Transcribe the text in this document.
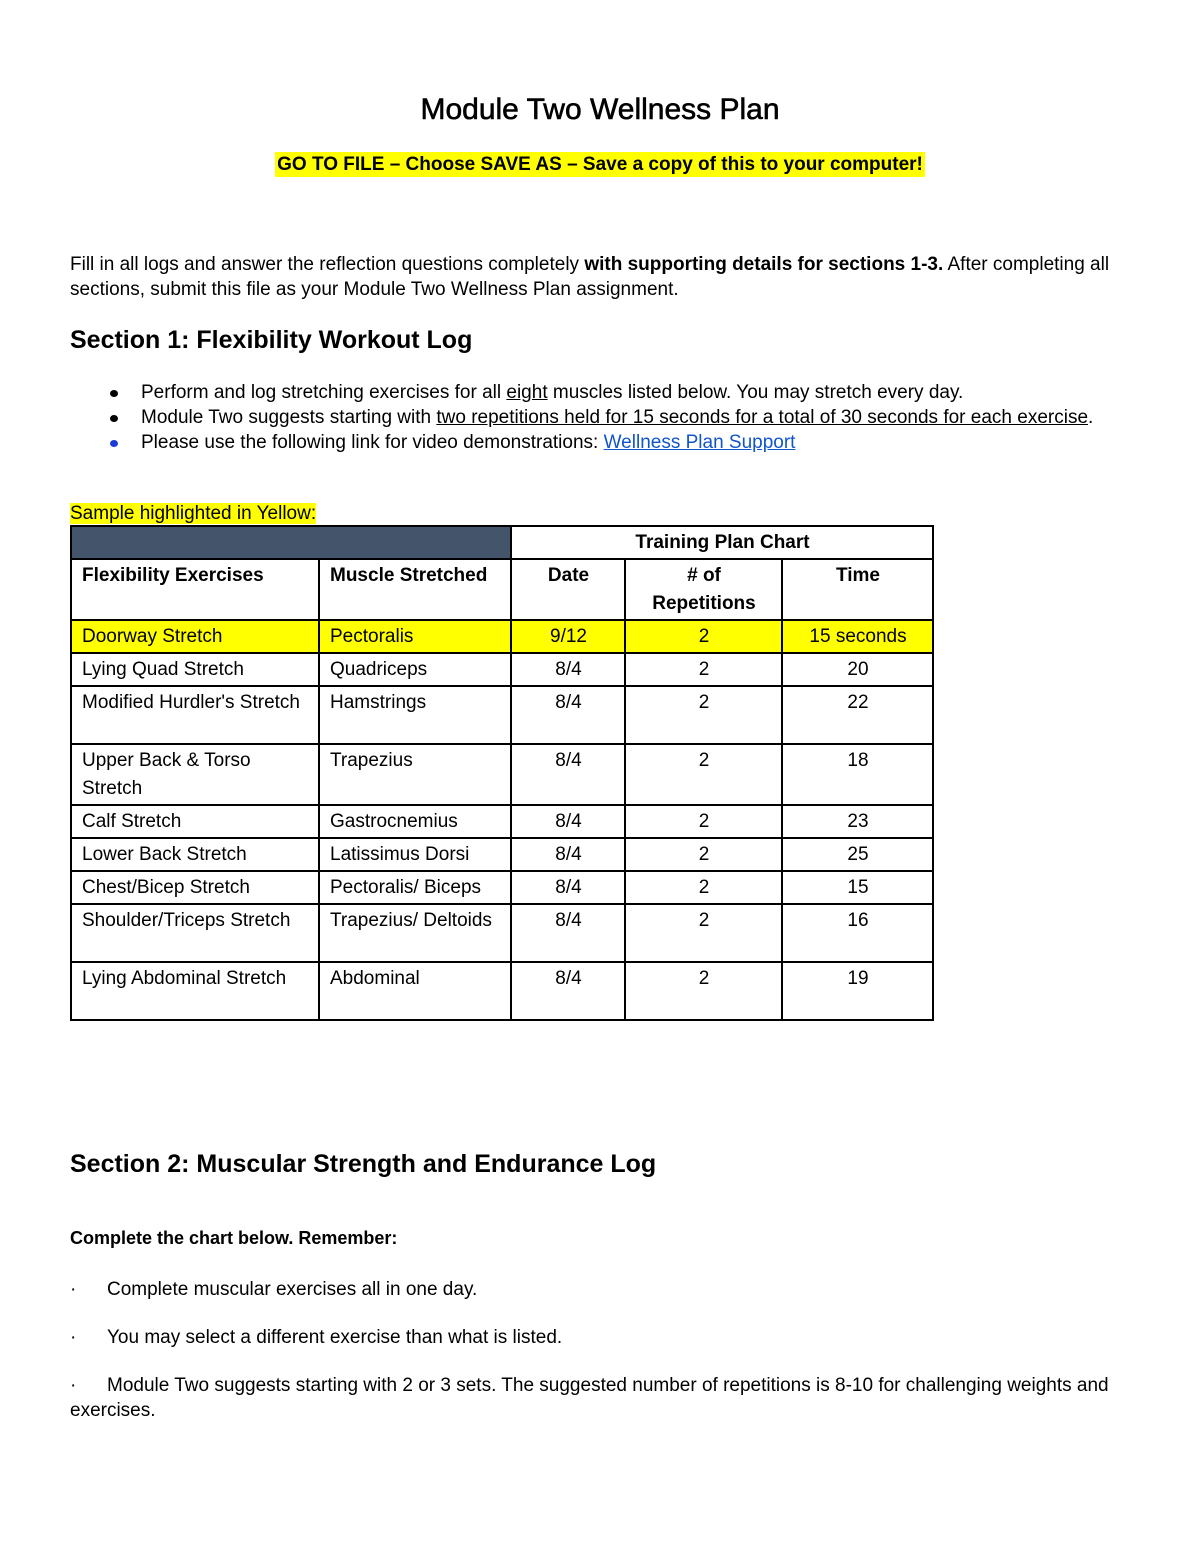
Module Two Wellness Plan

GO TO FILE – Choose SAVE AS – Save a copy of this to your computer!

Fill in all logs and answer the reflection questions completely with supporting details for sections 1-3. After completing all sections, submit this file as your Module Two Wellness Plan assignment.

Section 1: Flexibility Workout Log
Perform and log stretching exercises for all eight muscles listed below. You may stretch every day.
Module Two suggests starting with two repetitions held for 15 seconds for a total of 30 seconds for each exercise.
Please use the following link for video demonstrations: Wellness Plan Support

Sample highlighted in Yellow:

		Training Plan Chart		
Flexibility Exercises	Muscle Stretched	Date	# of Repetitions	Time
Doorway Stretch	Pectoralis	9/12	2	15 seconds
Lying Quad Stretch	Quadriceps	8/4	2	20
Modified Hurdler's Stretch	Hamstrings	8/4	2	22
Upper Back & Torso Stretch	Trapezius	8/4	2	18
Calf Stretch	Gastrocnemius	8/4	2	23
Lower Back Stretch	Latissimus Dorsi	8/4	2	25
Chest/Bicep Stretch	Pectoralis/ Biceps	8/4	2	15
Shoulder/Triceps Stretch	Trapezius/ Deltoids	8/4	2	16
Lying Abdominal Stretch	Abdominal	8/4	2	19
Section 2: Muscular Strength and Endurance Log

Complete the chart below. Remember:

· Complete muscular exercises all in one day.

· You may select a different exercise than what is listed.

· Module Two suggests starting with 2 or 3 sets. The suggested number of repetitions is 8-10 for challenging weights and exercises.
